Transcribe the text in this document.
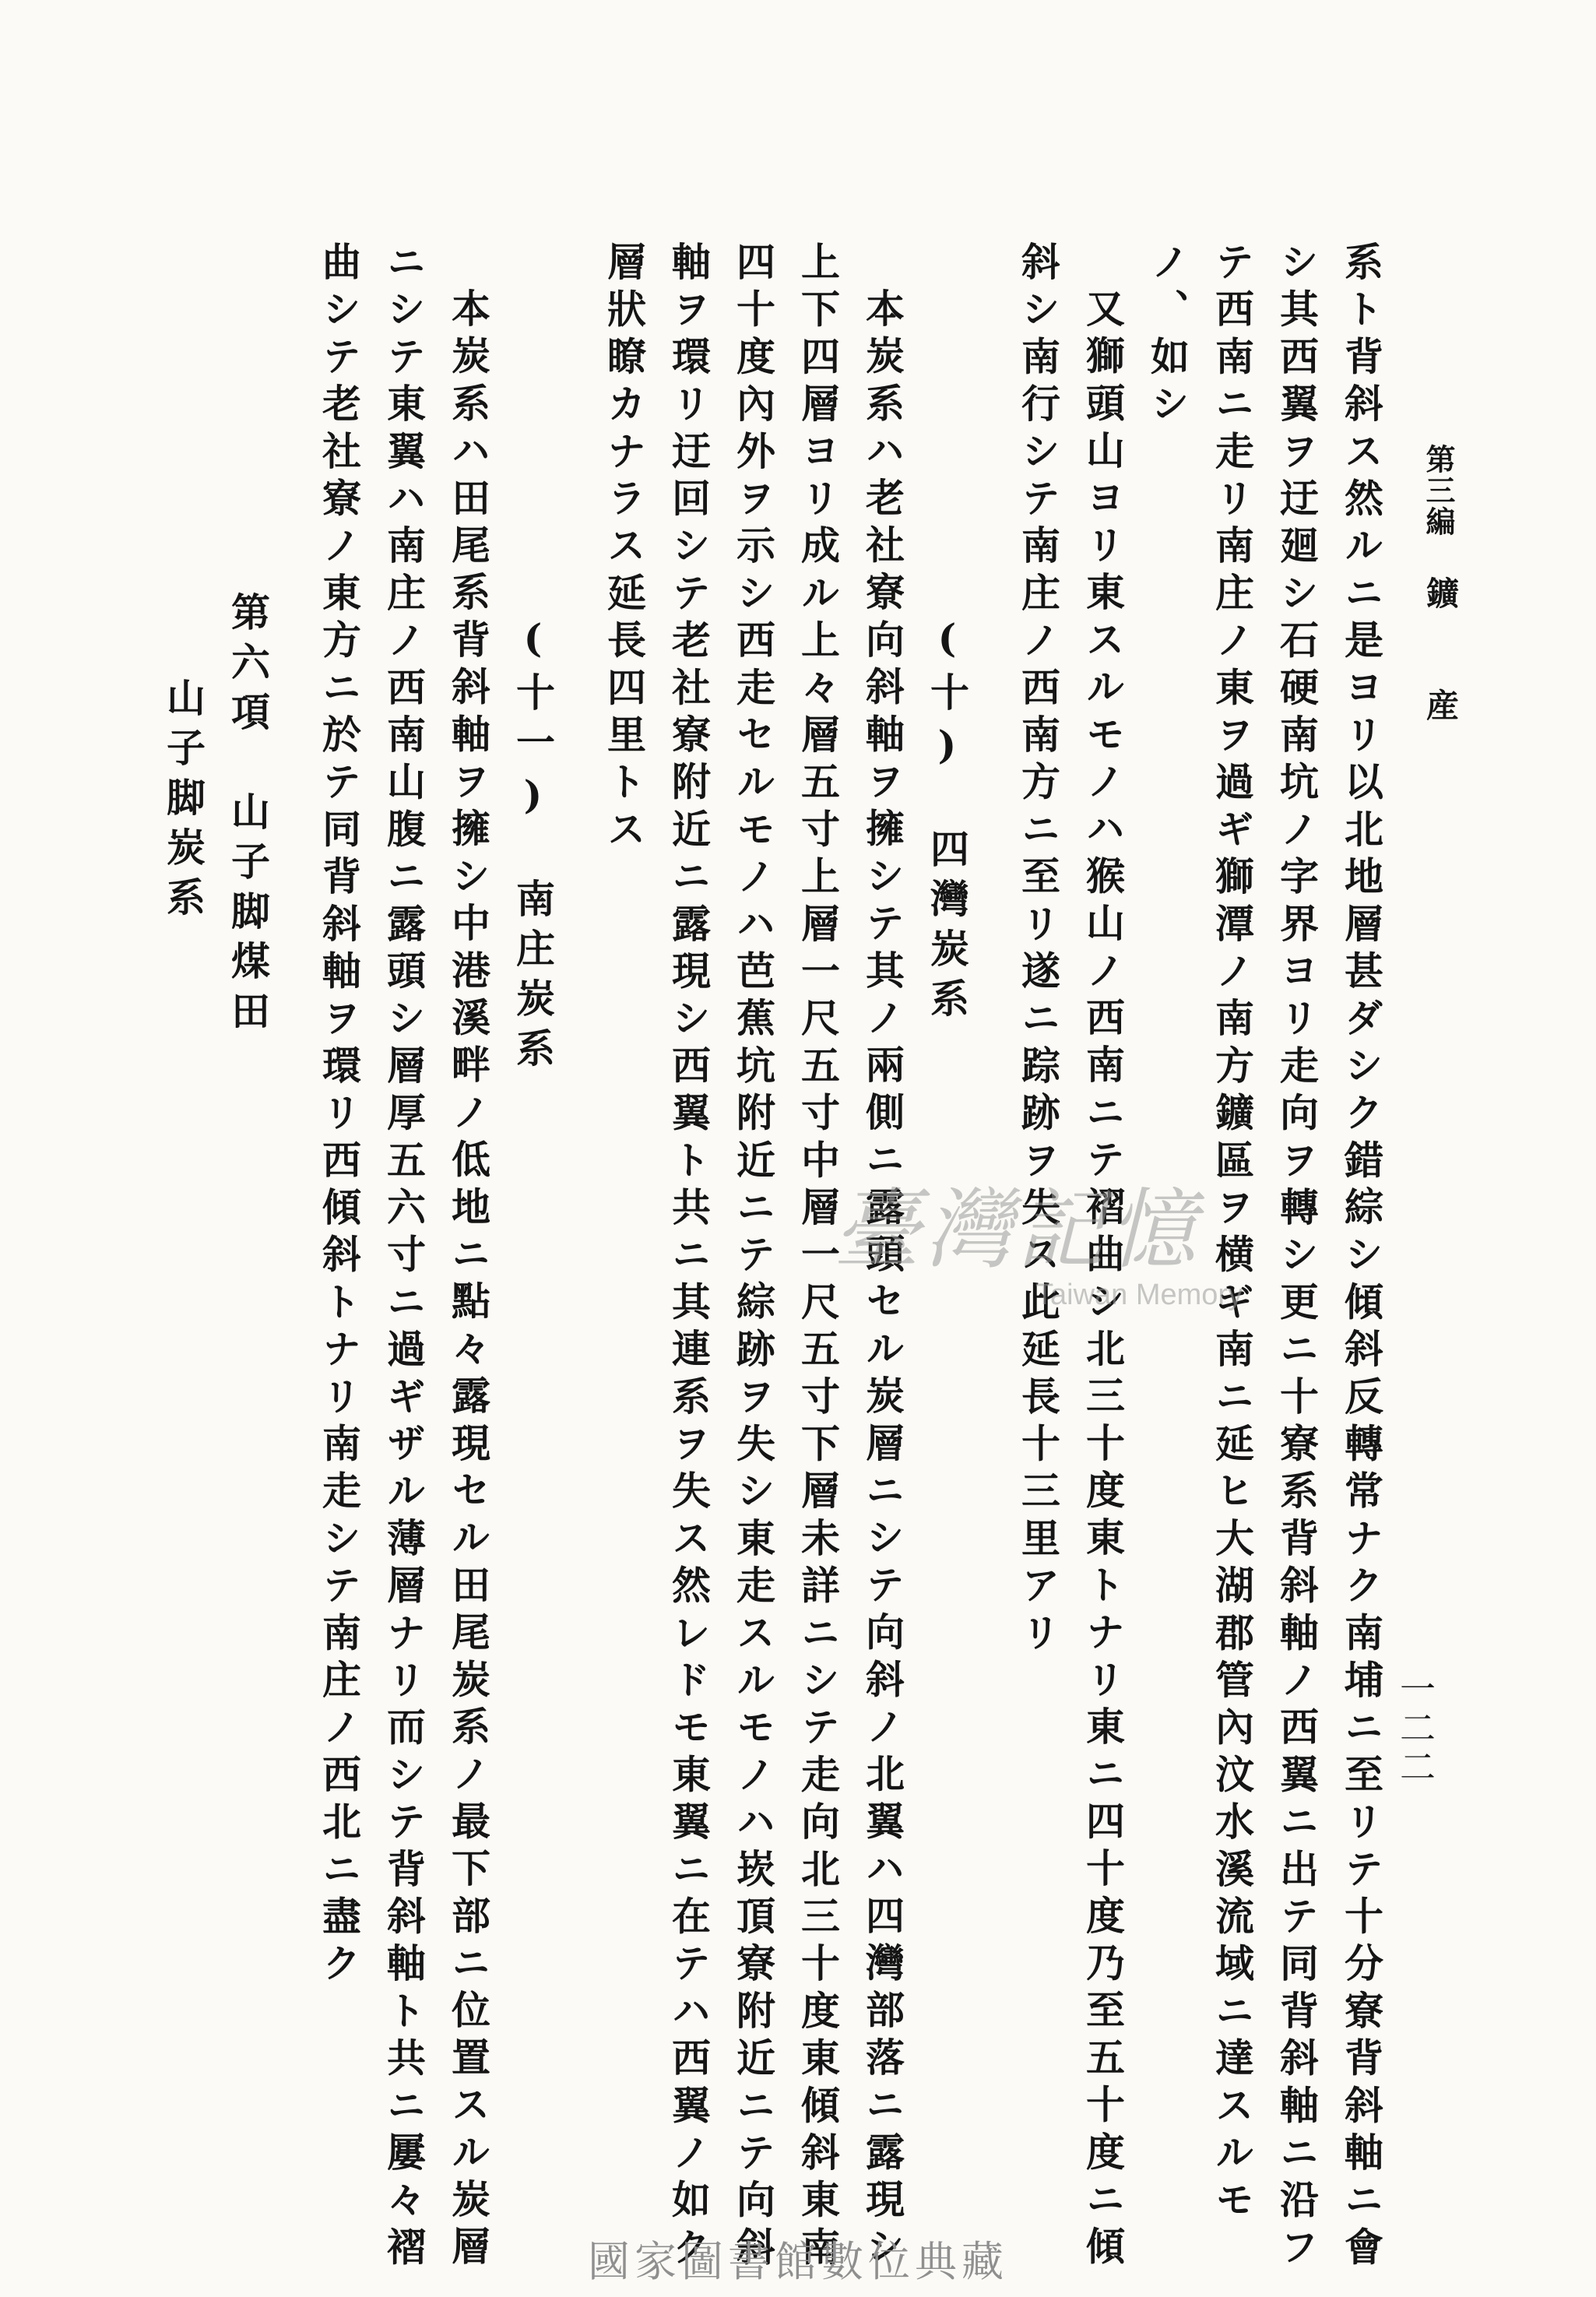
第三編
鑛　　産
一二二
系ト背斜ス然ルニ是ヨリ以北地層甚ダシク錯綜シ傾斜反轉常ナク南埔ニ至リテ十分寮背斜軸ニ會
シ其西翼ヲ迂廻シ石硬南坑ノ字界ヨリ走向ヲ轉シ更ニ十寮系背斜軸ノ西翼ニ出テ同背斜軸ニ沿フ
テ西南ニ走リ南庄ノ東ヲ過ギ獅潭ノ南方鑛區ヲ横ギ南ニ延ヒ大湖郡管內汶水溪流域ニ達スルモ
ノ、如シ
又獅頭山ヨリ東スルモノハ猴山ノ西南ニテ褶曲シ北三十度東トナリ東ニ四十度乃至五十度ニ傾
斜シ南行シテ南庄ノ西南方ニ至リ遂ニ踪跡ヲ失ス此延長十三里アリ
(十)　四灣炭系
本炭系ハ老社寮向斜軸ヲ擁シテ其ノ兩側ニ露頭セル炭層ニシテ向斜ノ北翼ハ四灣部落ニ露現シ
上下四層ヨリ成ル上々層五寸上層一尺五寸中層一尺五寸下層未詳ニシテ走向北三十度東傾斜東南
四十度內外ヲ示シ西走セルモノハ芭蕉坑附近ニテ綜跡ヲ失シ東走スルモノハ崁頂寮附近ニテ向斜
軸ヲ環リ迂回シテ老社寮附近ニ露現シ西翼ト共ニ其連系ヲ失ス然レドモ東翼ニ在テハ西翼ノ如ク
層狀瞭カナラス延長四里トス
(十一)　南庄炭系
本炭系ハ田尾系背斜軸ヲ擁シ中港溪畔ノ低地ニ點々露現セル田尾炭系ノ最下部ニ位置スル炭層
ニシテ東翼ハ南庄ノ西南山腹ニ露頭シ層厚五六寸ニ過ギザル薄層ナリ而シテ背斜軸ト共ニ屢々褶
曲シテ老社寮ノ東方ニ於テ同背斜軸ヲ環リ西傾斜トナリ南走シテ南庄ノ西北ニ盡ク
第六項　山子脚煤田
山子脚炭系
臺灣記憶
Taiwan Memory
國家圖書館數位典藏
